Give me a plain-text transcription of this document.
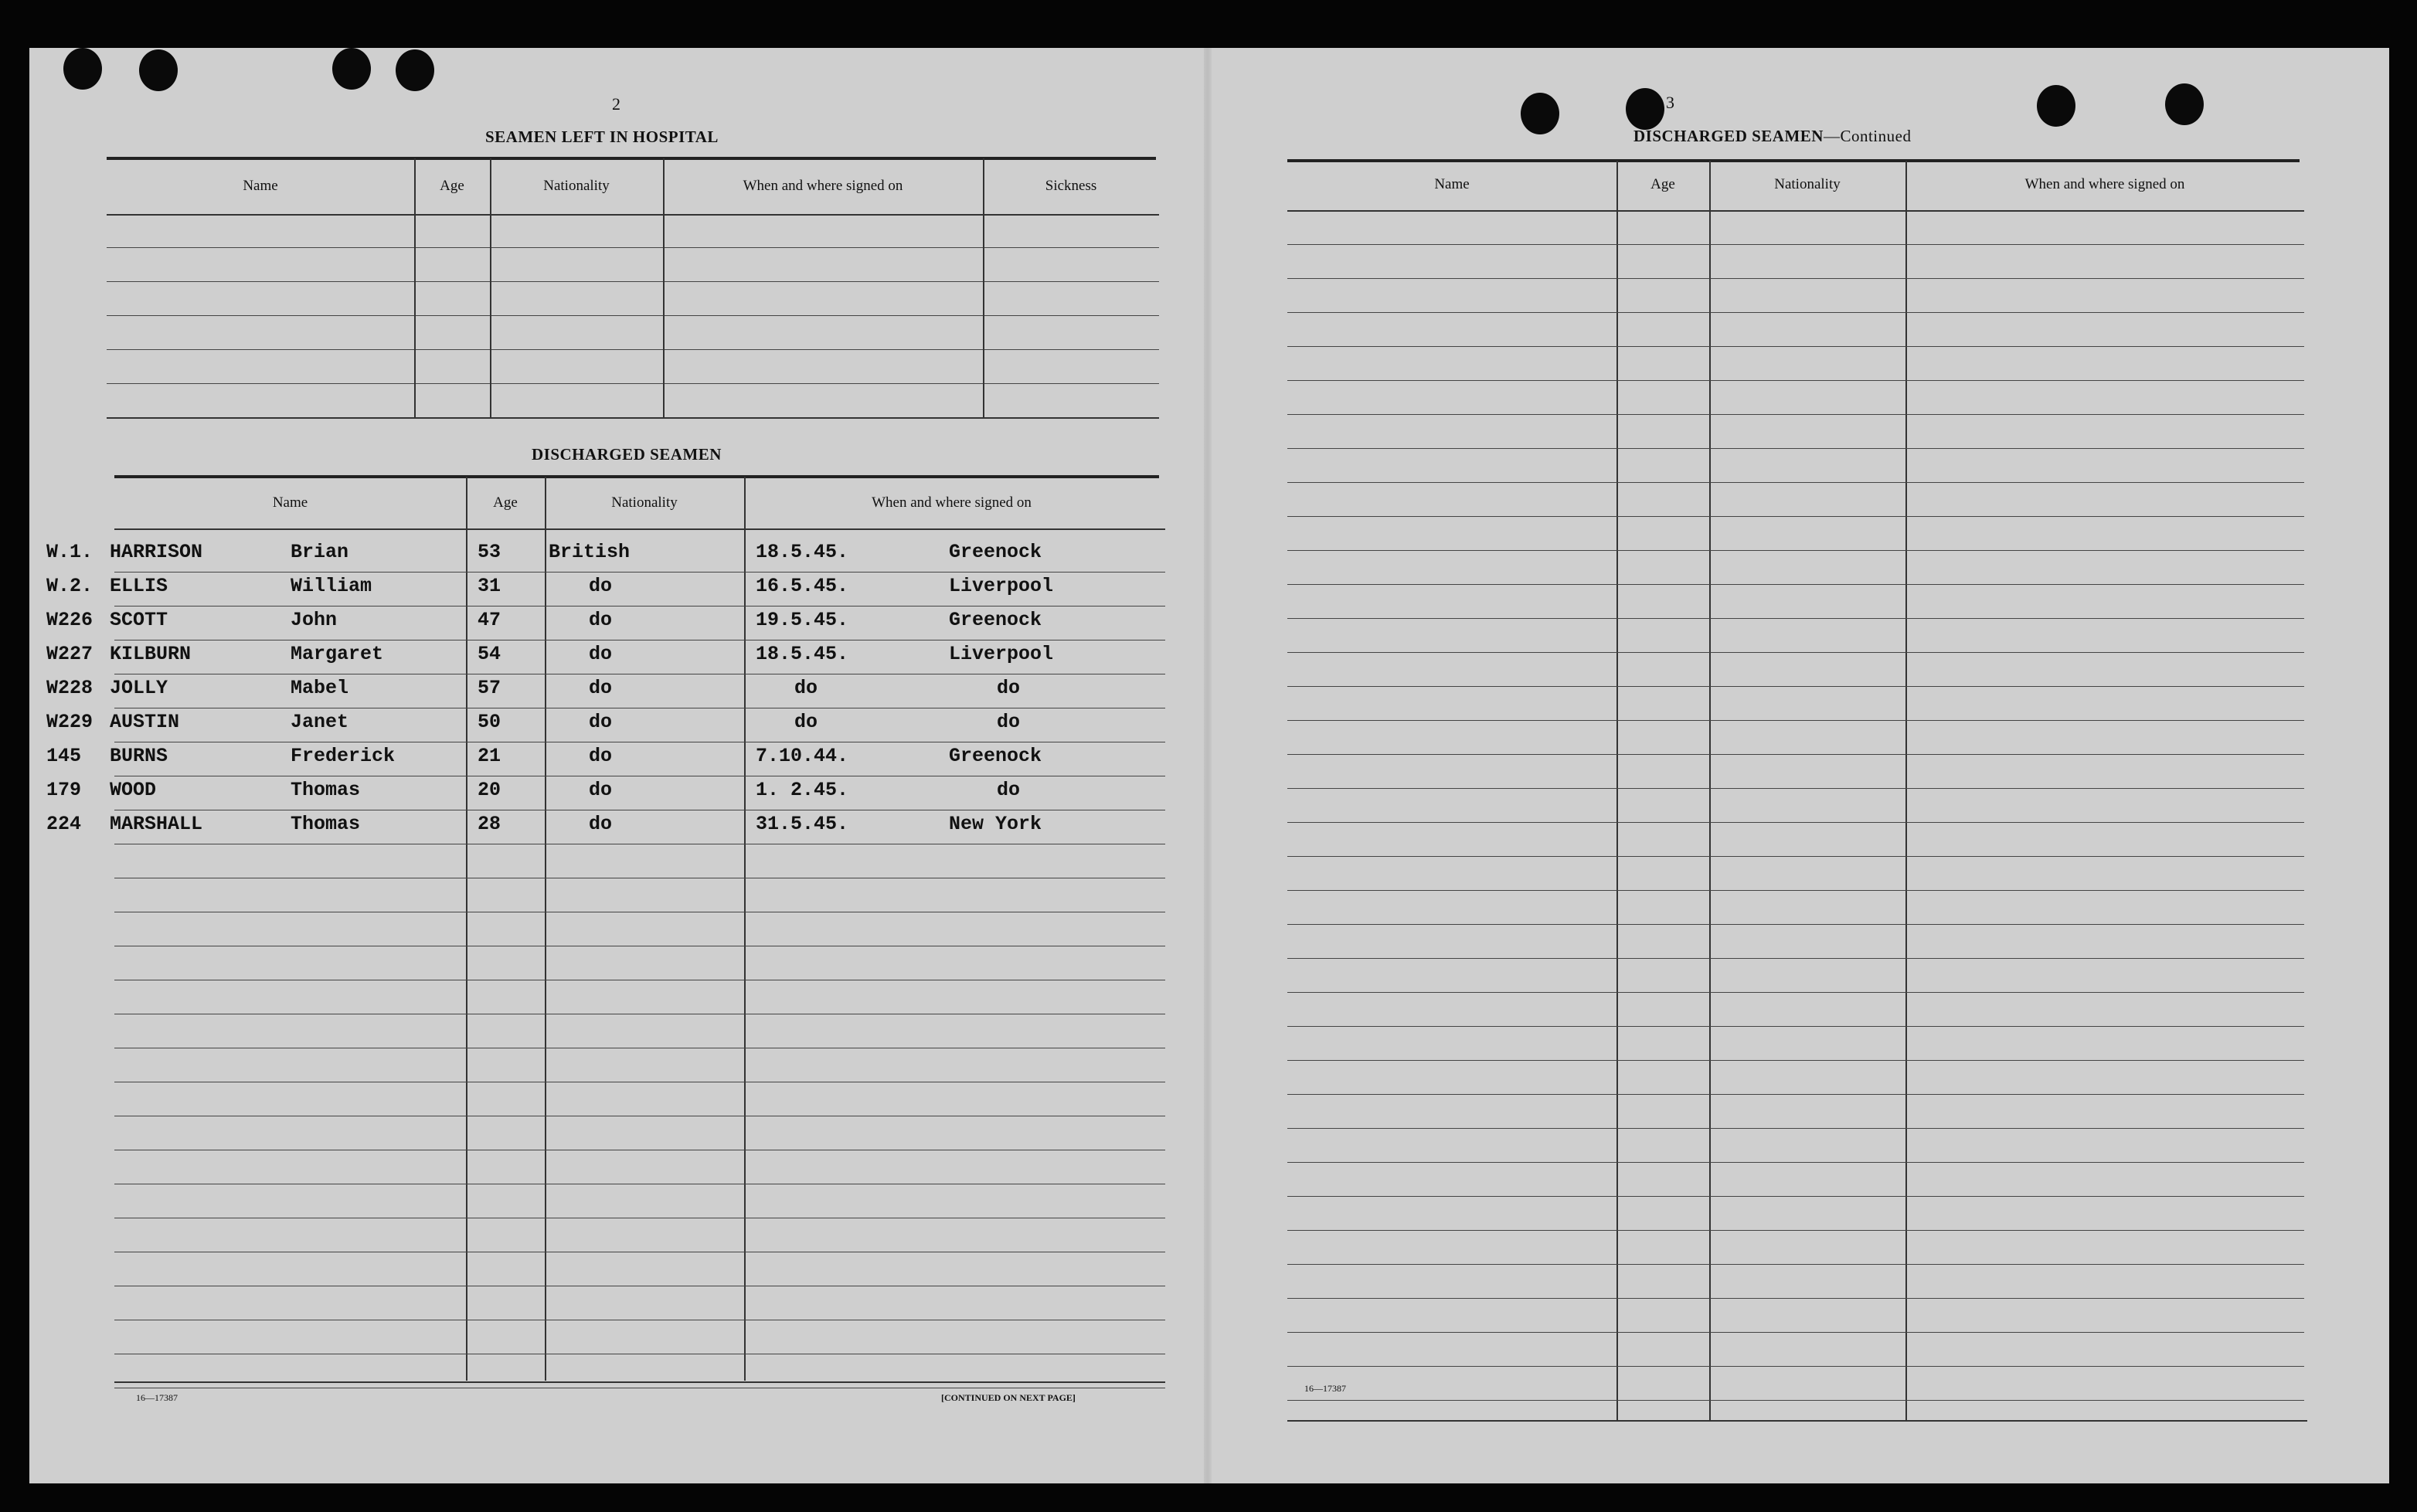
2
SEAMEN LEFT IN HOSPITAL
Name	Age	Nationality	When and where signed on	Sickness
DISCHARGED SEAMEN
Name	Age	Nationality	When and where signed on
W.1. HARRISON	Brian	53 British	18.5.45.	Greenock
W.2. ELLIS	William	31	do	16.5.45.	Liverpool
W226 SCOTT	John	47	do	19.5.45.	Greenock
W227 KILBURN	Margaret	54	do	18.5.45.	Liverpool
W228 JOLLY	Mabel	57	do	do	do
W229 AUSTIN	Janet	50	do	do	do
145 BURNS	Frederick	21	do	7.10.44.	Greenock
179 WOOD	Thomas	20	do	1. 2.45.	do
224 MARSHALL	Thomas	28	do	31.5.45.	New York
16—17387	[CONTINUED ON NEXT PAGE]
3
DISCHARGED SEAMEN—Continued
Name	Age	Nationality	When and where signed on
16—17387
